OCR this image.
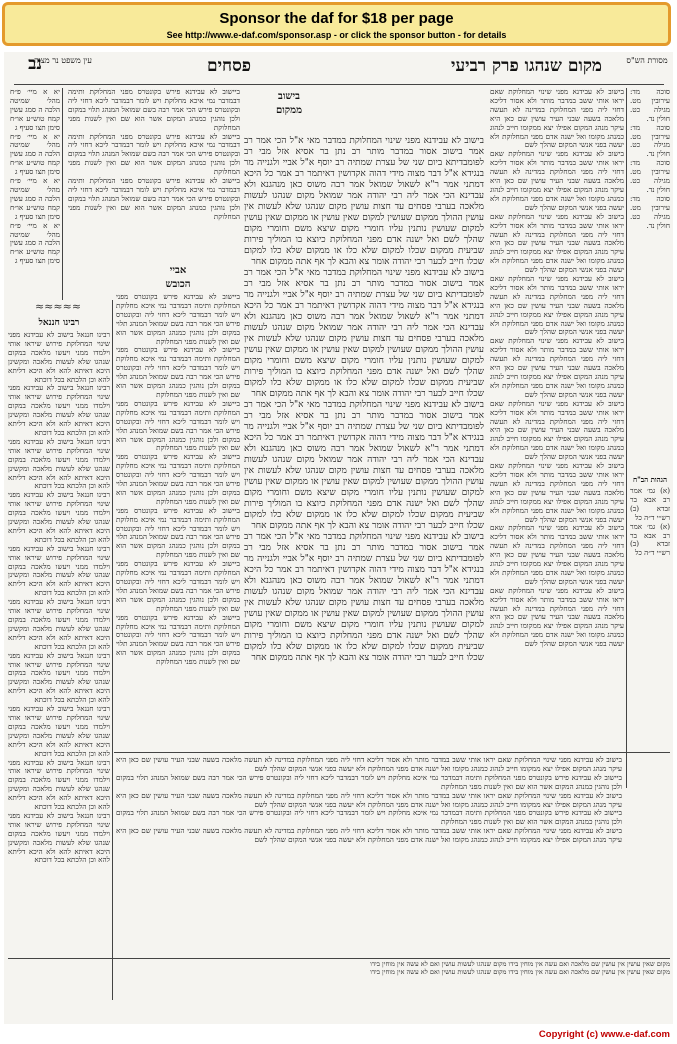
Sponsor the daf for $18 per page
See http://www.e-daf.com/sponsor.asp - or click the sponsor button - for details
עין משפט נר מצוה
נב	פסחים	מקום שנהגו פרק רביעי	מסורת הש"ס
יא א מיי׳ פ״ח מהל׳ שמיטה הלכה ה סמג עשין קמח טוש״ע או״ח סימן תצו סעיף ג
יא א מיי׳ פ״ח מהל׳ שמיטה הלכה ה סמג עשין קמח טוש״ע או״ח סימן תצו סעיף ג
יא א מיי׳ פ״ח מהל׳ שמיטה הלכה ה סמג עשין קמח טוש״ע או״ח סימן תצו סעיף ג
יא א מיי׳ פ״ח מהל׳ שמיטה הלכה ה סמג עשין קמח טוש״ע או״ח סימן תצו סעיף ג
≈≈≈≈≈
רבינו חננאל
רבינו חננאל בישוב לא עבידנא מפני שינוי המחלוקת פירוש שיראו אותי וילמדו ממני ויעשו מלאכה במקום שנהגו שלא לעשות מלאכה ומקשינן היכא דאיתא להא ולא היכא דליתא להא וכן הלכתא בכל דוכתא
רבינו חננאל בישוב לא עבידנא מפני שינוי המחלוקת פירוש שיראו אותי וילמדו ממני ויעשו מלאכה במקום שנהגו שלא לעשות מלאכה ומקשינן היכא דאיתא להא ולא היכא דליתא להא וכן הלכתא בכל דוכתא
רבינו חננאל בישוב לא עבידנא מפני שינוי המחלוקת פירוש שיראו אותי וילמדו ממני ויעשו מלאכה במקום שנהגו שלא לעשות מלאכה ומקשינן היכא דאיתא להא ולא היכא דליתא להא וכן הלכתא בכל דוכתא
רבינו חננאל בישוב לא עבידנא מפני שינוי המחלוקת פירוש שיראו אותי וילמדו ממני ויעשו מלאכה במקום שנהגו שלא לעשות מלאכה ומקשינן היכא דאיתא להא ולא היכא דליתא להא וכן הלכתא בכל דוכתא
רבינו חננאל בישוב לא עבידנא מפני שינוי המחלוקת פירוש שיראו אותי וילמדו ממני ויעשו מלאכה במקום שנהגו שלא לעשות מלאכה ומקשינן היכא דאיתא להא ולא היכא דליתא להא וכן הלכתא בכל דוכתא
רבינו חננאל בישוב לא עבידנא מפני שינוי המחלוקת פירוש שיראו אותי וילמדו ממני ויעשו מלאכה במקום שנהגו שלא לעשות מלאכה ומקשינן היכא דאיתא להא ולא היכא דליתא להא וכן הלכתא בכל דוכתא
רבינו חננאל בישוב לא עבידנא מפני שינוי המחלוקת פירוש שיראו אותי וילמדו ממני ויעשו מלאכה במקום שנהגו שלא לעשות מלאכה ומקשינן היכא דאיתא להא ולא היכא דליתא להא וכן הלכתא בכל דוכתא
רבינו חננאל בישוב לא עבידנא מפני שינוי המחלוקת פירוש שיראו אותי וילמדו ממני ויעשו מלאכה במקום שנהגו שלא לעשות מלאכה ומקשינן היכא דאיתא להא ולא היכא דליתא להא וכן הלכתא בכל דוכתא
רבינו חננאל בישוב לא עבידנא מפני שינוי המחלוקת פירוש שיראו אותי וילמדו ממני ויעשו מלאכה במקום שנהגו שלא לעשות מלאכה ומקשינן היכא דאיתא להא ולא היכא דליתא להא וכן הלכתא בכל דוכתא
רבינו חננאל בישוב לא עבידנא מפני שינוי המחלוקת פירוש שיראו אותי וילמדו ממני ויעשו מלאכה במקום שנהגו שלא לעשות מלאכה ומקשינן היכא דאיתא להא ולא היכא דליתא להא וכן הלכתא בכל דוכתא
ביישוב לא עבידנא פירש בקונטרס מפני המחלוקת ותימה דבמדבר נמי איכא מחלוקת ויש לומר דבמדבר ליכא דחזי ליה ובקונטרס פירש הכי אמר רבה בשם שמואל המנהג תלוי במקום ולכן נוהגין כמנהג המקום אשר הוא שם ואין לשנות מפני המחלוקת
ביישוב לא עבידנא פירש בקונטרס מפני המחלוקת ותימה דבמדבר נמי איכא מחלוקת ויש לומר דבמדבר ליכא דחזי ליה ובקונטרס פירש הכי אמר רבה בשם שמואל המנהג תלוי במקום ולכן נוהגין כמנהג המקום אשר הוא שם ואין לשנות מפני המחלוקת
ביישוב לא עבידנא פירש בקונטרס מפני המחלוקת ותימה דבמדבר נמי איכא מחלוקת ויש לומר דבמדבר ליכא דחזי ליה ובקונטרס פירש הכי אמר רבה בשם שמואל המנהג תלוי במקום ולכן נוהגין כמנהג המקום אשר הוא שם ואין לשנות מפני המחלוקת
אביי
הכובש
ביישוב לא עבידנא פירש בקונטרס מפני המחלוקת ותימה דבמדבר נמי איכא מחלוקת ויש לומר דבמדבר ליכא דחזי ליה ובקונטרס פירש הכי אמר רבה בשם שמואל המנהג תלוי במקום ולכן נוהגין כמנהג המקום אשר הוא שם ואין לשנות מפני המחלוקת
ביישוב לא עבידנא פירש בקונטרס מפני המחלוקת ותימה דבמדבר נמי איכא מחלוקת ויש לומר דבמדבר ליכא דחזי ליה ובקונטרס פירש הכי אמר רבה בשם שמואל המנהג תלוי במקום ולכן נוהגין כמנהג המקום אשר הוא שם ואין לשנות מפני המחלוקת
ביישוב לא עבידנא פירש בקונטרס מפני המחלוקת ותימה דבמדבר נמי איכא מחלוקת ויש לומר דבמדבר ליכא דחזי ליה ובקונטרס פירש הכי אמר רבה בשם שמואל המנהג תלוי במקום ולכן נוהגין כמנהג המקום אשר הוא שם ואין לשנות מפני המחלוקת
ביישוב לא עבידנא פירש בקונטרס מפני המחלוקת ותימה דבמדבר נמי איכא מחלוקת ויש לומר דבמדבר ליכא דחזי ליה ובקונטרס פירש הכי אמר רבה בשם שמואל המנהג תלוי במקום ולכן נוהגין כמנהג המקום אשר הוא שם ואין לשנות מפני המחלוקת
ביישוב לא עבידנא פירש בקונטרס מפני המחלוקת ותימה דבמדבר נמי איכא מחלוקת ויש לומר דבמדבר ליכא דחזי ליה ובקונטרס פירש הכי אמר רבה בשם שמואל המנהג תלוי במקום ולכן נוהגין כמנהג המקום אשר הוא שם ואין לשנות מפני המחלוקת
ביישוב לא עבידנא פירש בקונטרס מפני המחלוקת ותימה דבמדבר נמי איכא מחלוקת ויש לומר דבמדבר ליכא דחזי ליה ובקונטרס פירש הכי אמר רבה בשם שמואל המנהג תלוי במקום ולכן נוהגין כמנהג המקום אשר הוא שם ואין לשנות מפני המחלוקת
ביישוב לא עבידנא פירש בקונטרס מפני המחלוקת ותימה דבמדבר נמי איכא מחלוקת ויש לומר דבמדבר ליכא דחזי ליה ובקונטרס פירש הכי אמר רבה בשם שמואל המנהג תלוי במקום ולכן נוהגין כמנהג המקום אשר הוא שם ואין לשנות מפני המחלוקת
בישוב
ממקום
בישוב לא עבידנא מפני שינוי המחלוקת במדבר מאי א"ל הכי אמר רב אמר בישוב אסור במדבר מותר רב נתן בר אסיא אזל מבי רב לפומבדיתא ביום שני של עצרת שמתיה רב יוסף א"ל אביי ולגנייה מר בנגידא א"ל דבר מצוה מידי דהוה אקדושין דאיתמר רב אמר כל היכא דמתני אמר ר"א לשאול שמואל אמר רבה משוס כאן מנהגנא ולא עבדינא הכי אמר ליה רבי יהודה אמר שמואל מקום שנהגו לעשות מלאכה בערבי פסחים עד חצות עושין מקום שנהגו שלא לעשות אין עושין ההולך ממקום שעושין למקום שאין עושין או ממקום שאין עושין למקום שעושין נותנין עליו חומרי מקום שיצא משם וחומרי מקום שהלך לשם ואל ישנה אדם מפני המחלוקת כיוצא בו המוליך פירות שביעית ממקום שכלו למקום שלא כלו או ממקום שלא כלו למקום שכלו חייב לבער רבי יהודה אומר צא והבא לך אף אתה ממקום אחר
בישוב לא עבידנא מפני שינוי המחלוקת במדבר מאי א"ל הכי אמר רב אמר בישוב אסור במדבר מותר רב נתן בר אסיא אזל מבי רב לפומבדיתא ביום שני של עצרת שמתיה רב יוסף א"ל אביי ולגנייה מר בנגידא א"ל דבר מצוה מידי דהוה אקדושין דאיתמר רב אמר כל היכא דמתני אמר ר"א לשאול שמואל אמר רבה משוס כאן מנהגנא ולא עבדינא הכי אמר ליה רבי יהודה אמר שמואל מקום שנהגו לעשות מלאכה בערבי פסחים עד חצות עושין מקום שנהגו שלא לעשות אין עושין ההולך ממקום שעושין למקום שאין עושין או ממקום שאין עושין למקום שעושין נותנין עליו חומרי מקום שיצא משם וחומרי מקום שהלך לשם ואל ישנה אדם מפני המחלוקת כיוצא בו המוליך פירות שביעית ממקום שכלו למקום שלא כלו או ממקום שלא כלו למקום שכלו חייב לבער רבי יהודה אומר צא והבא לך אף אתה ממקום אחר
בישוב לא עבידנא מפני שינוי המחלוקת במדבר מאי א"ל הכי אמר רב אמר בישוב אסור במדבר מותר רב נתן בר אסיא אזל מבי רב לפומבדיתא ביום שני של עצרת שמתיה רב יוסף א"ל אביי ולגנייה מר בנגידא א"ל דבר מצוה מידי דהוה אקדושין דאיתמר רב אמר כל היכא דמתני אמר ר"א לשאול שמואל אמר רבה משוס כאן מנהגנא ולא עבדינא הכי אמר ליה רבי יהודה אמר שמואל מקום שנהגו לעשות מלאכה בערבי פסחים עד חצות עושין מקום שנהגו שלא לעשות אין עושין ההולך ממקום שעושין למקום שאין עושין או ממקום שאין עושין למקום שעושין נותנין עליו חומרי מקום שיצא משם וחומרי מקום שהלך לשם ואל ישנה אדם מפני המחלוקת כיוצא בו המוליך פירות שביעית ממקום שכלו למקום שלא כלו או ממקום שלא כלו למקום שכלו חייב לבער רבי יהודה אומר צא והבא לך אף אתה ממקום אחר
בישוב לא עבידנא מפני שינוי המחלוקת במדבר מאי א"ל הכי אמר רב אמר בישוב אסור במדבר מותר רב נתן בר אסיא אזל מבי רב לפומבדיתא ביום שני של עצרת שמתיה רב יוסף א"ל אביי ולגנייה מר בנגידא א"ל דבר מצוה מידי דהוה אקדושין דאיתמר רב אמר כל היכא דמתני אמר ר"א לשאול שמואל אמר רבה משוס כאן מנהגנא ולא עבדינא הכי אמר ליה רבי יהודה אמר שמואל מקום שנהגו לעשות מלאכה בערבי פסחים עד חצות עושין מקום שנהגו שלא לעשות אין עושין ההולך ממקום שעושין למקום שאין עושין או ממקום שאין עושין למקום שעושין נותנין עליו חומרי מקום שיצא משם וחומרי מקום שהלך לשם ואל ישנה אדם מפני המחלוקת כיוצא בו המוליך פירות שביעית ממקום שכלו למקום שלא כלו או ממקום שלא כלו למקום שכלו חייב לבער רבי יהודה אומר צא והבא לך אף אתה ממקום אחר
בישוב לא עבידנא מפני שינוי המחלוקת שאם יראו אותי ששב במדבר מותר ולא אסור דליכא דחזי ליה מפני המחלוקת במדינה לא תעשה מלאכה בשעה שבני העיר עושין שם כאן היא עיקר מנהג המקום אפילו יצא ממקומו חייב לנהוג כמנהג מקומו ואל ישנה אדם מפני המחלוקת ולא יעשה בפני אנשי המקום שהלך לשם
בישוב לא עבידנא מפני שינוי המחלוקת שאם יראו אותי ששב במדבר מותר ולא אסור דליכא דחזי ליה מפני המחלוקת במדינה לא תעשה מלאכה בשעה שבני העיר עושין שם כאן היא עיקר מנהג המקום אפילו יצא ממקומו חייב לנהוג כמנהג מקומו ואל ישנה אדם מפני המחלוקת ולא יעשה בפני אנשי המקום שהלך לשם
בישוב לא עבידנא מפני שינוי המחלוקת שאם יראו אותי ששב במדבר מותר ולא אסור דליכא דחזי ליה מפני המחלוקת במדינה לא תעשה מלאכה בשעה שבני העיר עושין שם כאן היא עיקר מנהג המקום אפילו יצא ממקומו חייב לנהוג כמנהג מקומו ואל ישנה אדם מפני המחלוקת ולא יעשה בפני אנשי המקום שהלך לשם
בישוב לא עבידנא מפני שינוי המחלוקת שאם יראו אותי ששב במדבר מותר ולא אסור דליכא דחזי ליה מפני המחלוקת במדינה לא תעשה מלאכה בשעה שבני העיר עושין שם כאן היא עיקר מנהג המקום אפילו יצא ממקומו חייב לנהוג כמנהג מקומו ואל ישנה אדם מפני המחלוקת ולא יעשה בפני אנשי המקום שהלך לשם
בישוב לא עבידנא מפני שינוי המחלוקת שאם יראו אותי ששב במדבר מותר ולא אסור דליכא דחזי ליה מפני המחלוקת במדינה לא תעשה מלאכה בשעה שבני העיר עושין שם כאן היא עיקר מנהג המקום אפילו יצא ממקומו חייב לנהוג כמנהג מקומו ואל ישנה אדם מפני המחלוקת ולא יעשה בפני אנשי המקום שהלך לשם
בישוב לא עבידנא מפני שינוי המחלוקת שאם יראו אותי ששב במדבר מותר ולא אסור דליכא דחזי ליה מפני המחלוקת במדינה לא תעשה מלאכה בשעה שבני העיר עושין שם כאן היא עיקר מנהג המקום אפילו יצא ממקומו חייב לנהוג כמנהג מקומו ואל ישנה אדם מפני המחלוקת ולא יעשה בפני אנשי המקום שהלך לשם
בישוב לא עבידנא מפני שינוי המחלוקת שאם יראו אותי ששב במדבר מותר ולא אסור דליכא דחזי ליה מפני המחלוקת במדינה לא תעשה מלאכה בשעה שבני העיר עושין שם כאן היא עיקר מנהג המקום אפילו יצא ממקומו חייב לנהוג כמנהג מקומו ואל ישנה אדם מפני המחלוקת ולא יעשה בפני אנשי המקום שהלך לשם
בישוב לא עבידנא מפני שינוי המחלוקת שאם יראו אותי ששב במדבר מותר ולא אסור דליכא דחזי ליה מפני המחלוקת במדינה לא תעשה מלאכה בשעה שבני העיר עושין שם כאן היא עיקר מנהג המקום אפילו יצא ממקומו חייב לנהוג כמנהג מקומו ואל ישנה אדם מפני המחלוקת ולא יעשה בפני אנשי המקום שהלך לשם
בישוב לא עבידנא מפני שינוי המחלוקת שאם יראו אותי ששב במדבר מותר ולא אסור דליכא דחזי ליה מפני המחלוקת במדינה לא תעשה מלאכה בשעה שבני העיר עושין שם כאן היא עיקר מנהג המקום אפילו יצא ממקומו חייב לנהוג כמנהג מקומו ואל ישנה אדם מפני המחלוקת ולא יעשה בפני אנשי המקום שהלך לשם
סוכה מד: עירובין מט. מגילה כט. חולין נד.
סוכה מד: עירובין מט. מגילה כט. חולין נד.
סוכה מד: עירובין מט. מגילה כט. חולין נד.
סוכה מד: עירובין מט. מגילה כט. חולין נד.
הגהות הב"ח
(א) גמ׳ אמר רב אבא בר זבדא (ב) רש״י ד״ה כל
(א) גמ׳ אמר רב אבא בר זבדא (ב) רש״י ד״ה כל
בישוב לא עבידנא מפני שינוי המחלוקת שאם יראו אותי ששב במדבר מותר ולא אסור דליכא דחזי ליה מפני המחלוקת במדינה לא תעשה מלאכה בשעה שבני העיר עושין שם כאן היא עיקר מנהג המקום אפילו יצא ממקומו חייב לנהוג כמנהג מקומו ואל ישנה אדם מפני המחלוקת ולא יעשה בפני אנשי המקום שהלך לשם
ביישוב לא עבידנא פירש בקונטרס מפני המחלוקת ותימה דבמדבר נמי איכא מחלוקת ויש לומר דבמדבר ליכא דחזי ליה ובקונטרס פירש הכי אמר רבה בשם שמואל המנהג תלוי במקום ולכן נוהגין כמנהג המקום אשר הוא שם ואין לשנות מפני המחלוקת
בישוב לא עבידנא מפני שינוי המחלוקת שאם יראו אותי ששב במדבר מותר ולא אסור דליכא דחזי ליה מפני המחלוקת במדינה לא תעשה מלאכה בשעה שבני העיר עושין שם כאן היא עיקר מנהג המקום אפילו יצא ממקומו חייב לנהוג כמנהג מקומו ואל ישנה אדם מפני המחלוקת ולא יעשה בפני אנשי המקום שהלך לשם
ביישוב לא עבידנא פירש בקונטרס מפני המחלוקת ותימה דבמדבר נמי איכא מחלוקת ויש לומר דבמדבר ליכא דחזי ליה ובקונטרס פירש הכי אמר רבה בשם שמואל המנהג תלוי במקום ולכן נוהגין כמנהג המקום אשר הוא שם ואין לשנות מפני המחלוקת
בישוב לא עבידנא מפני שינוי המחלוקת שאם יראו אותי ששב במדבר מותר ולא אסור דליכא דחזי ליה מפני המחלוקת במדינה לא תעשה מלאכה בשעה שבני העיר עושין שם כאן היא עיקר מנהג המקום אפילו יצא ממקומו חייב לנהוג כמנהג מקומו ואל ישנה אדם מפני המחלוקת ולא יעשה בפני אנשי המקום שהלך לשם
מקום שאין עושין אין עושין שם מלאכה ואם עשה אין מוחין בידו מקום שנהגו לעשות עושין ואם לא עשה אין מוחין בידו
מקום שאין עושין אין עושין שם מלאכה ואם עשה אין מוחין בידו מקום שנהגו לעשות עושין ואם לא עשה אין מוחין בידו
Copyright (c) www.e-daf.com
